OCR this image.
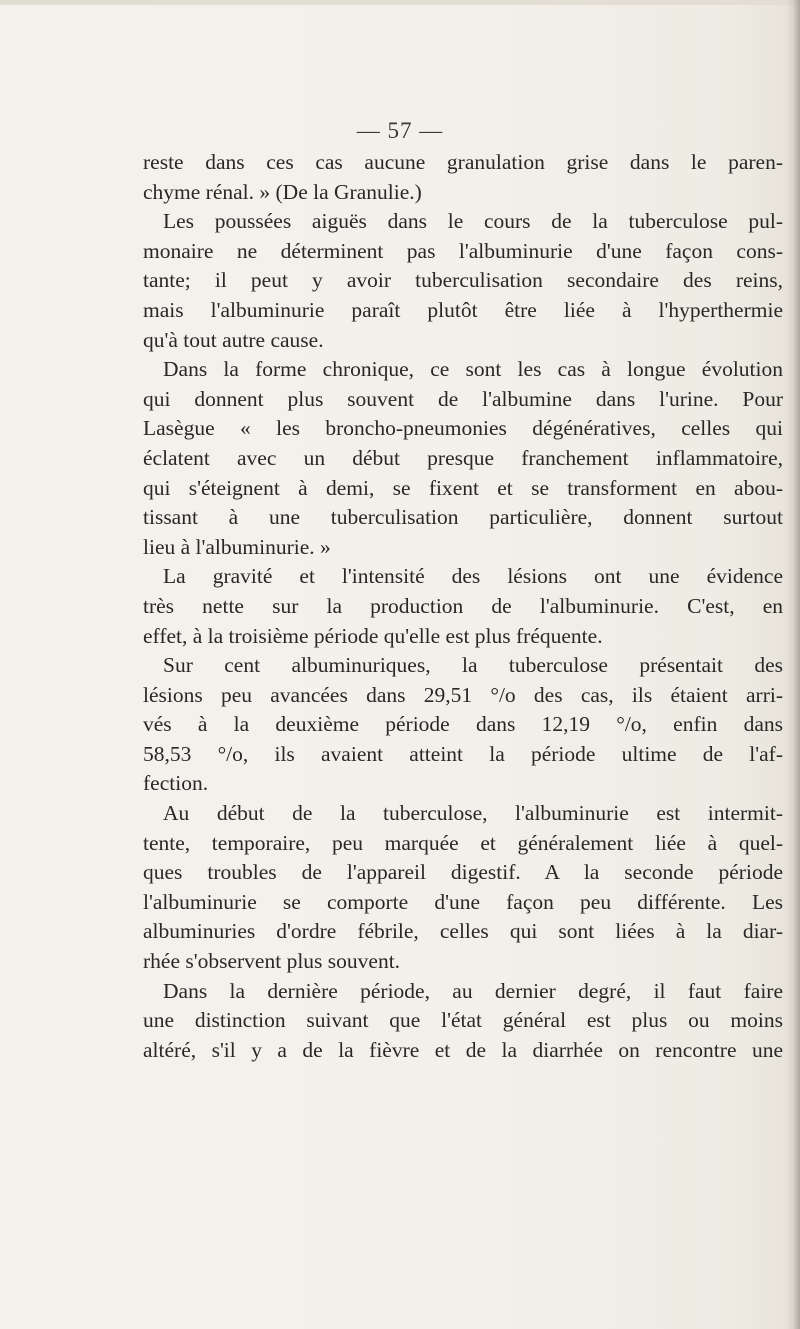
— 57 —
reste dans ces cas aucune granulation grise dans le paren-
chyme rénal. » (De la Granulie.)
Les poussées aiguës dans le cours de la tuberculose pul-
monaire ne déterminent pas l'albuminurie d'une façon cons-
tante; il peut y avoir tuberculisation secondaire des reins,
mais l'albuminurie paraît plutôt être liée à l'hyperthermie
qu'à tout autre cause.
Dans la forme chronique, ce sont les cas à longue évolution
qui donnent plus souvent de l'albumine dans l'urine. Pour
Lasègue « les broncho-pneumonies dégénératives, celles qui
éclatent avec un début presque franchement inflammatoire,
qui s'éteignent à demi, se fixent et se transforment en abou-
tissant à une tuberculisation particulière, donnent surtout
lieu à l'albuminurie. »
La gravité et l'intensité des lésions ont une évidence
très nette sur la production de l'albuminurie. C'est, en
effet, à la troisième période qu'elle est plus fréquente.
Sur cent albuminuriques, la tuberculose présentait des
lésions peu avancées dans 29,51 °/o des cas, ils étaient arri-
vés à la deuxième période dans 12,19 °/o, enfin dans
58,53 °/o, ils avaient atteint la période ultime de l'af-
fection.
Au début de la tuberculose, l'albuminurie est intermit-
tente, temporaire, peu marquée et généralement liée à quel-
ques troubles de l'appareil digestif. A la seconde période
l'albuminurie se comporte d'une façon peu différente. Les
albuminuries d'ordre fébrile, celles qui sont liées à la diar-
rhée s'observent plus souvent.
Dans la dernière période, au dernier degré, il faut faire
une distinction suivant que l'état général est plus ou moins
altéré, s'il y a de la fièvre et de la diarrhée on rencontre une
